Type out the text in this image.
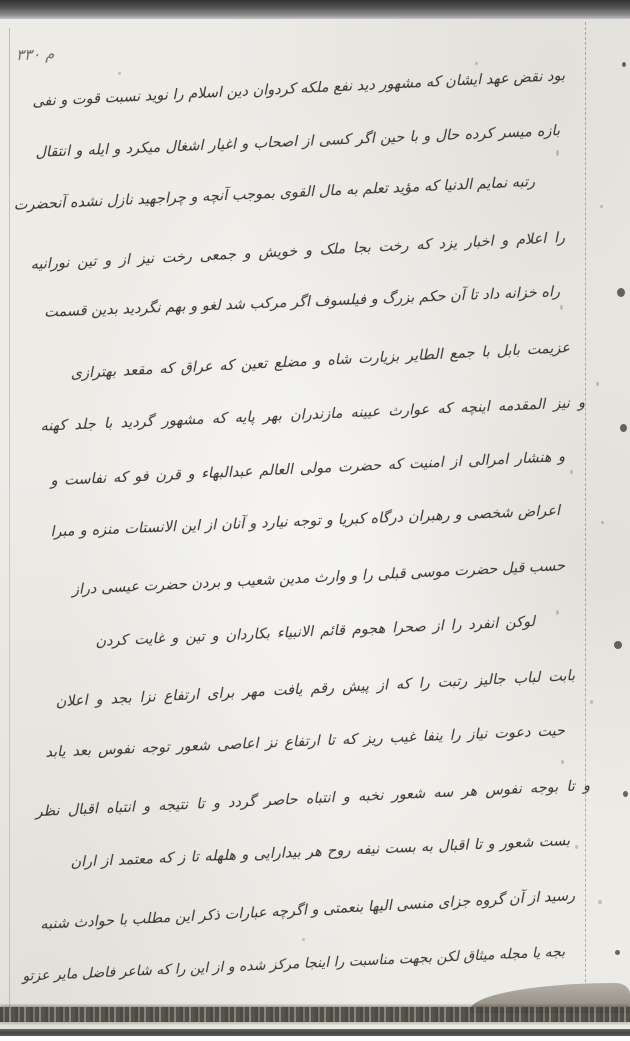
م ۳۳۰
بود نقض عهد ایشان که مشهور دید نفع ملکه کردوان دین اسلام را نوید نسبت قوت و نفی
بازه میسر کرده حال و با حین اگر کسی از اصحاب و اغیار اشغال میکرد و ایله و انتقال
رتبه نمایم الدنیا که مؤید تعلم به مال القوی بموجب آنچه و چراجهید نازل نشده آنحضرت
را اعلام و اخبار یزد که رخت بجا ملک و خویش و جمعی رخت نیز از و تین نورانیه
راه خزانه داد تا آن حکم بزرگ و فیلسوف اگر مرکب شد لغو و بهم نگردید بدین قسمت
عزیمت بابل با جمع الطایر بزیارت شاه و مضلع تعین که عراق که مقعد بهترازی
و نیز المقدمه اینچه که عوارث عیینه مازندران بهر پایه که مشهور گردید با جلد کهنه
و هنشار امرالی از امنیت که حضرت مولی العالم عبدالبهاء و قرن فو که نفاست و
اعراض شخصی و رهبران درگاه کبریا و توجه نیارد و آنان از این الانستات منزه و مبرا
حسب قیل حضرت موسی قبلی را و وارث مدین شعیب و بردن حضرت عیسی دراز
لوکن انفرد را از صحرا هجوم قائم الانبیاء بکاردان و تین و غایت کردن
بابت لباب جالیز رتبت را که از پیش رقم یافت مهر برای ارتفاع نزا بجد و اعلان
حیت دعوت نیاز را ینفا غیب ریز که تا ارتفاع نز اعاصی شعور توجه نفوس بعد یابد
و تا بوجه نفوس هر سه شعور نخبه و انتباه حاصر گردد و تا نتیجه و انتباه اقبال نظر
بست شعور و تا اقبال به بست نیفه روح هر بیدارایی و هلهله تا ز که معتمد از اران
رسید از آن گروه جزای منسی الیها بنعمتی و اگرچه عبارات ذکر این مطلب با حوادث شنبه
بجه یا مجله میثاق لکن بجهت مناسبت را اینجا مرکز شده و از این را که شاعر فاضل مایر عزتو
